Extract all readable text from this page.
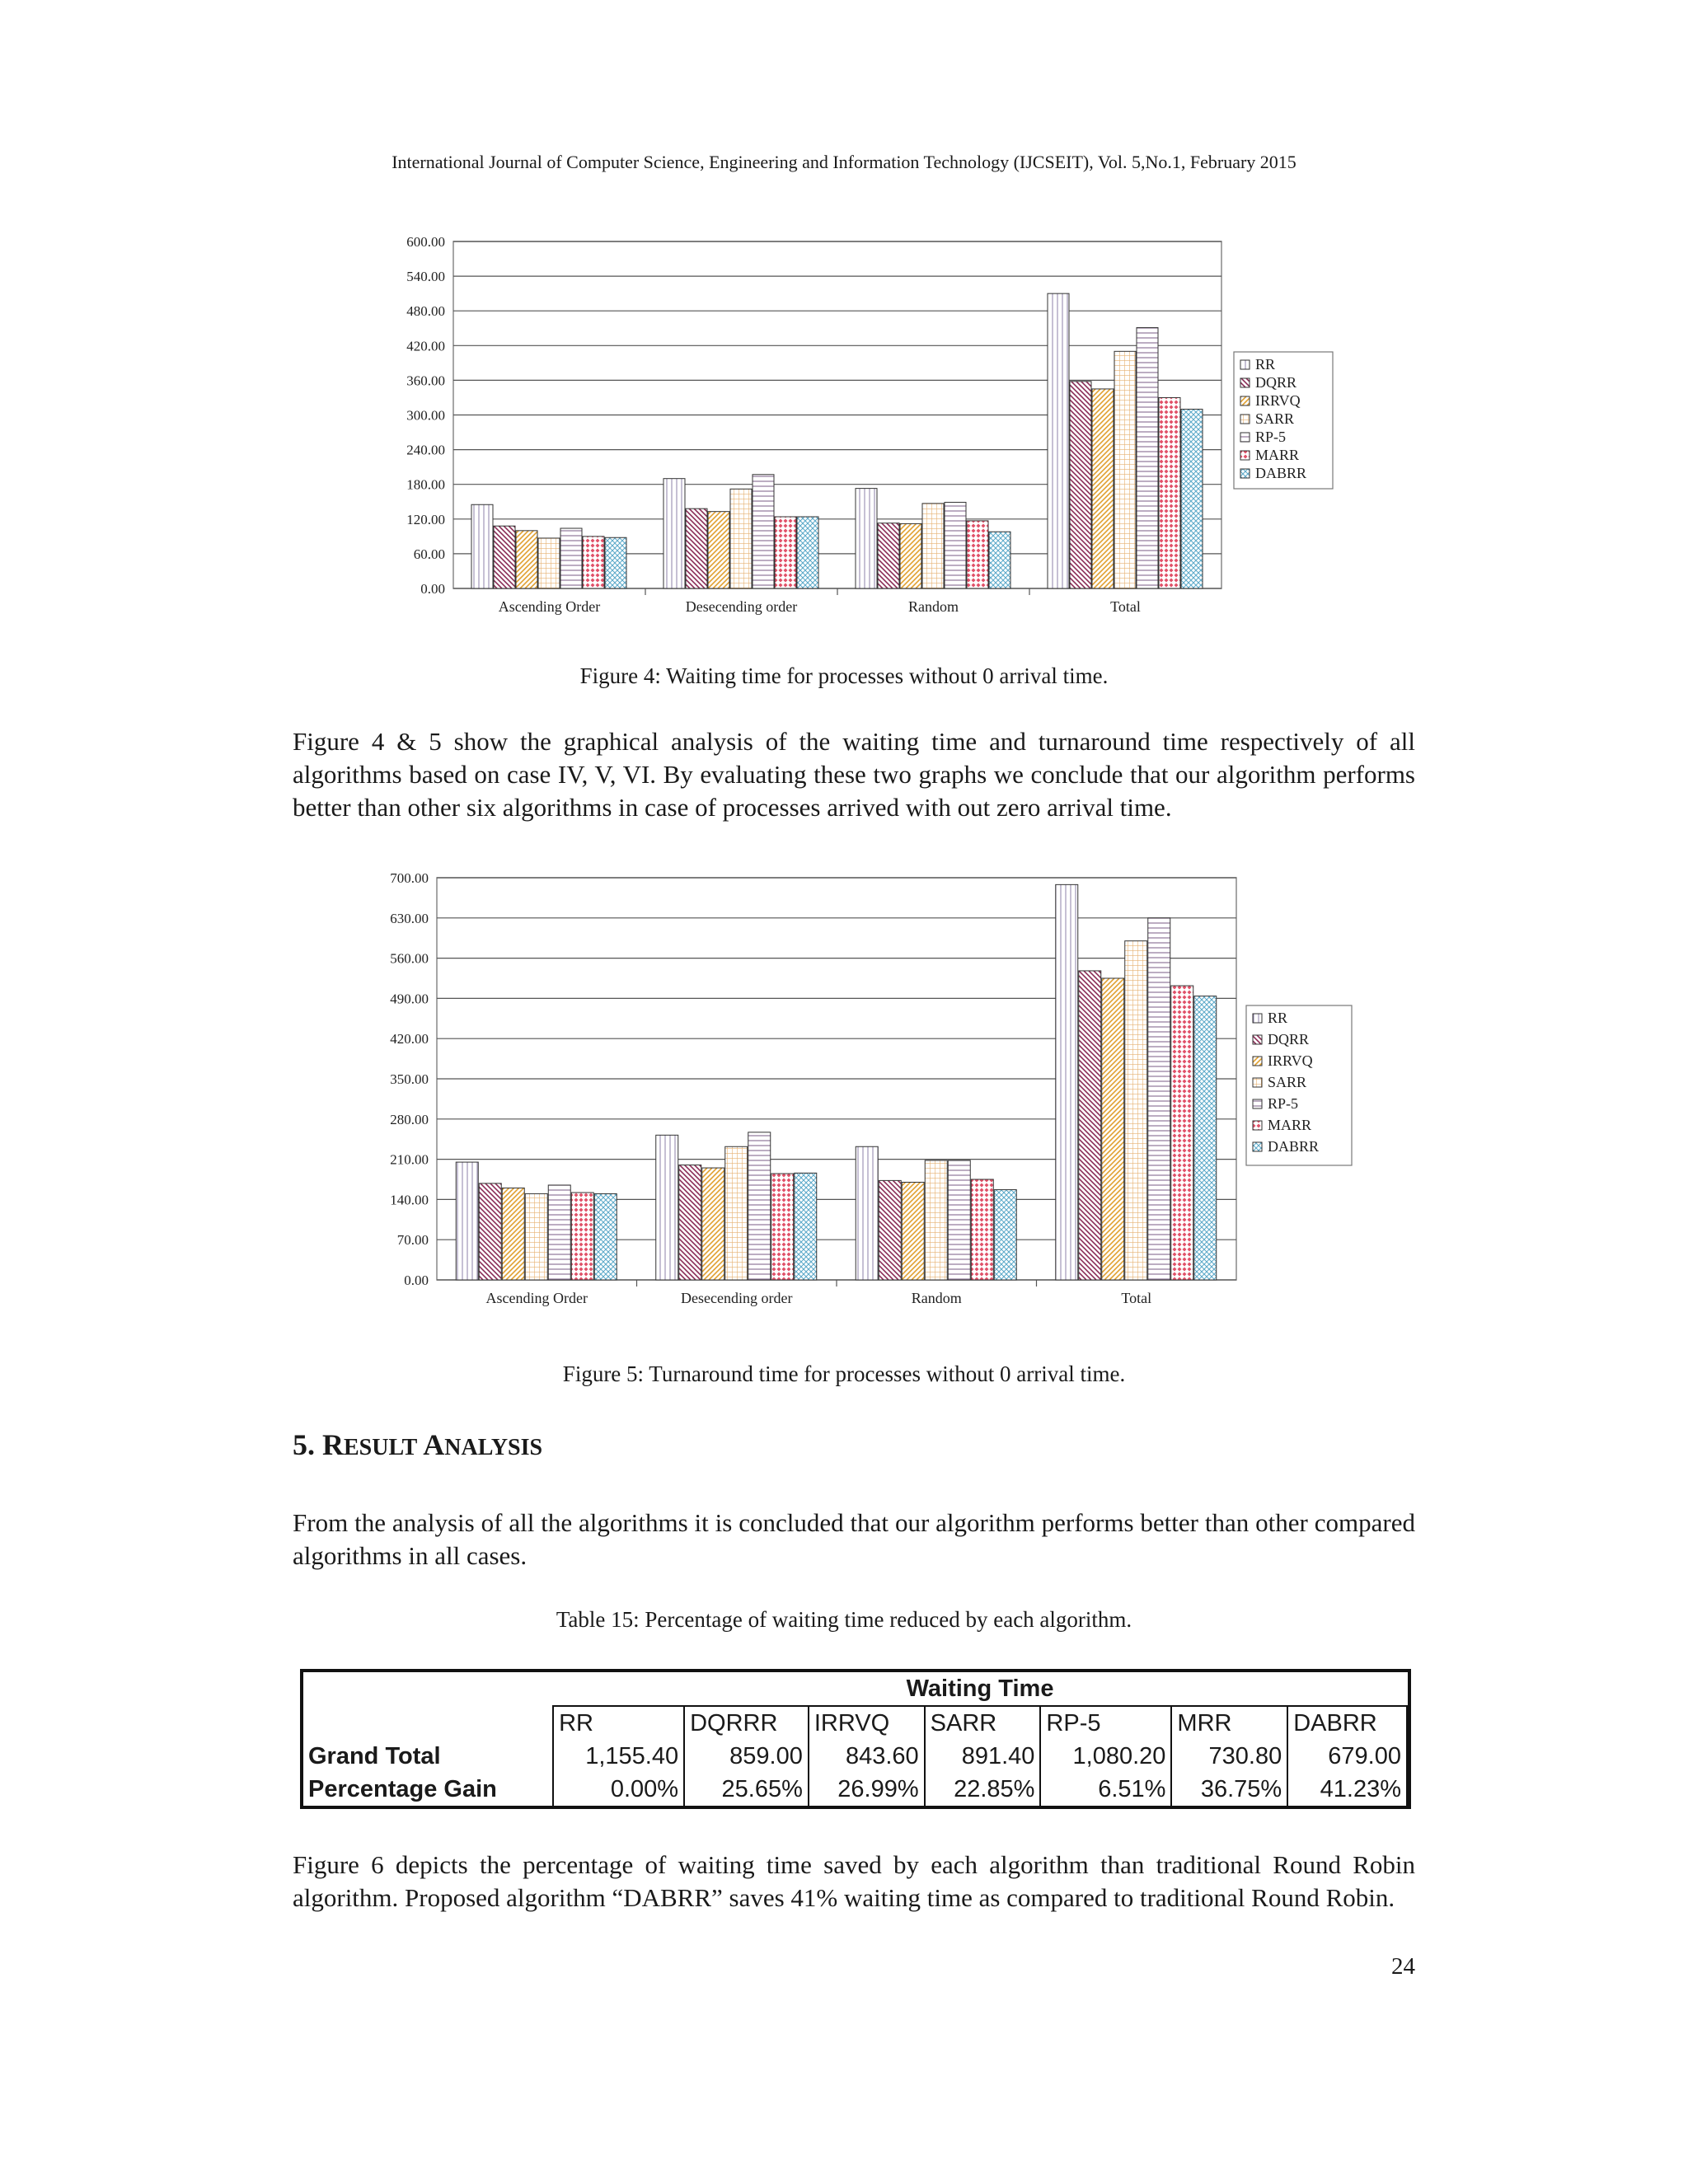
International Journal of Computer Science, Engineering and Information Technology (IJCSEIT), Vol. 5,No.1, February 2015
0.00
60.00
120.00
180.00
240.00
300.00
360.00
420.00
480.00
540.00
600.00
Ascending Order	Desecending order	Random	Total
RR
DQRR
IRRVQ
SARR
RP-5
MARR
DABRR
Figure 4: Waiting time for processes without 0 arrival time.
Figure 4 & 5 show the graphical analysis of the waiting time and turnaround time respectively of all algorithms based on case IV, V, VI. By evaluating these two graphs we conclude that our algorithm performs better than other six algorithms in case of processes arrived with out zero arrival time.
0.00
70.00
140.00
210.00
280.00
350.00
420.00
490.00
560.00
630.00
700.00
Ascending Order	Desecending order	Random	Total
RR
DQRR
IRRVQ
SARR
RP-5
MARR
DABRR
Figure 5: Turnaround time for processes without 0 arrival time.
5. RESULT ANALYSIS
From the analysis of all the algorithms it is concluded that our algorithm performs better than other compared algorithms in all cases.
Table 15: Percentage of waiting time reduced by each algorithm.
	Waiting Time						
	RR	DQRRR	IRRVQ	SARR	RP-5	MRR	DABRR
Grand Total	1,155.40	859.00	843.60	891.40	1,080.20	730.80	679.00
Percentage Gain	0.00%	25.65%	26.99%	22.85%	6.51%	36.75%	41.23%
Figure 6 depicts the percentage of waiting time saved by each algorithm than traditional Round Robin algorithm. Proposed algorithm “DABRR” saves 41% waiting time as compared to traditional Round Robin.
24
